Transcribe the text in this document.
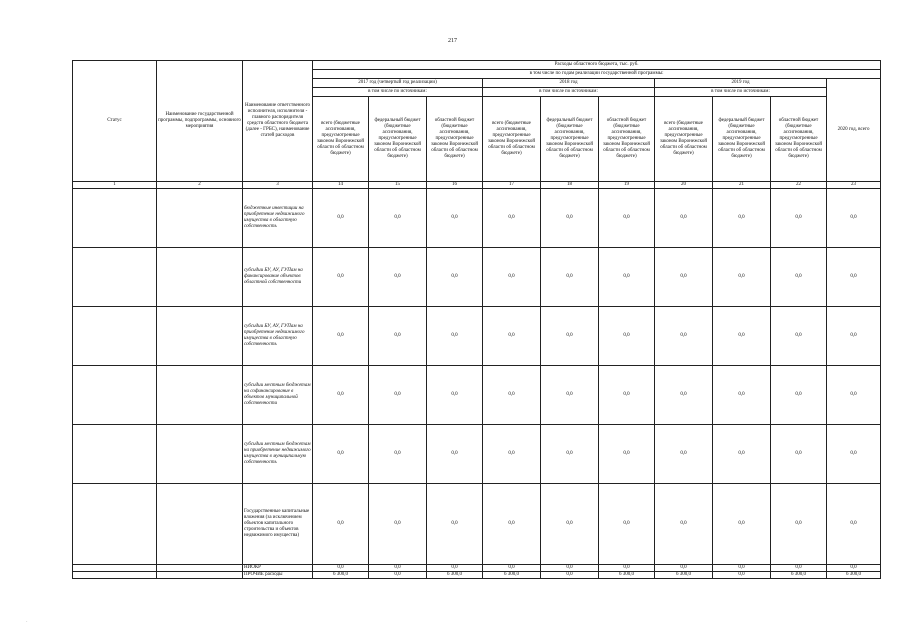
217
Статус	Наименование государственной программы, подпрограммы, основного мероприятия	Наименование ответственного исполнителя, исполнителя - главного распорядителя средств областного бюджета (далее - ГРБС), наименование статей расходов	Расходы областного бюджета, тыс. руб.									
			в том числе по годам реализации государственной программы:									
			2017 год (четвертый год реализации)			2018 год			2019 год			2020 год, всего
			в том числе по источникам:			в том числе по источникам:			в том числе по источникам:			
			всего (бюджетные ассигнования, предусмотренные законом Воронежской области об областном бюджете)	федеральный бюджет (бюджетные ассигнования, предусмотренные законом Воронежской области об областном бюджете)	областной бюджет (бюджетные ассигнования, предусмотренные законом Воронежской области об областном бюджете)	всего (бюджетные ассигнования, предусмотренные законом Воронежской области об областном бюджете)	федеральный бюджет (бюджетные ассигнования, предусмотренные законом Воронежской области об областном бюджете)	областной бюджет (бюджетные ассигнования, предусмотренные законом Воронежской области об областном бюджете)	всего (бюджетные ассигнования, предусмотренные законом Воронежской области об областном бюджете)	федеральный бюджет (бюджетные ассигнования, предусмотренные законом Воронежской области об областном бюджете)	областной бюджет (бюджетные ассигнования, предусмотренные законом Воронежской области об областном бюджете)	
1	2	3	14	15	16	17	18	19	20	21	22	23
		бюджетные инвестиции на приобретение недвижимого имущества в областную собственность	0,0	0,0	0,0	0,0	0,0	0,0	0,0	0,0	0,0	0,0
		субсидии БУ, АУ, ГУПам на финансирование объектов областной собственности	0,0	0,0	0,0	0,0	0,0	0,0	0,0	0,0	0,0	0,0
		субсидии БУ, АУ, ГУПам на приобретение недвижимого имущества в областную собственность	0,0	0,0	0,0	0,0	0,0	0,0	0,0	0,0	0,0	0,0
		субсидии местным бюджетам на софинансирование в объектов муниципальной собственности	0,0	0,0	0,0	0,0	0,0	0,0	0,0	0,0	0,0	0,0
		субсидии местным бюджетам на приобретение недвижимого имущества в муниципальную собственность	0,0	0,0	0,0	0,0	0,0	0,0	0,0	0,0	0,0	0,0
		Государственные капитальные вложения (за исключением объектов капитального строительства и объектов недвижимого имущества)	0,0	0,0	0,0	0,0	0,0	0,0	0,0	0,0	0,0	0,0
		НИОКР	0,0	0,0	0,0	0,0	0,0	0,0	0,0	0,0	0,0	0,0
		ПРОЧИЕ расходы	6 300,0	0,0	6 300,0	6 300,0	0,0	6 300,0	6 300,0	0,0	6 300,0	6 300,0
·
